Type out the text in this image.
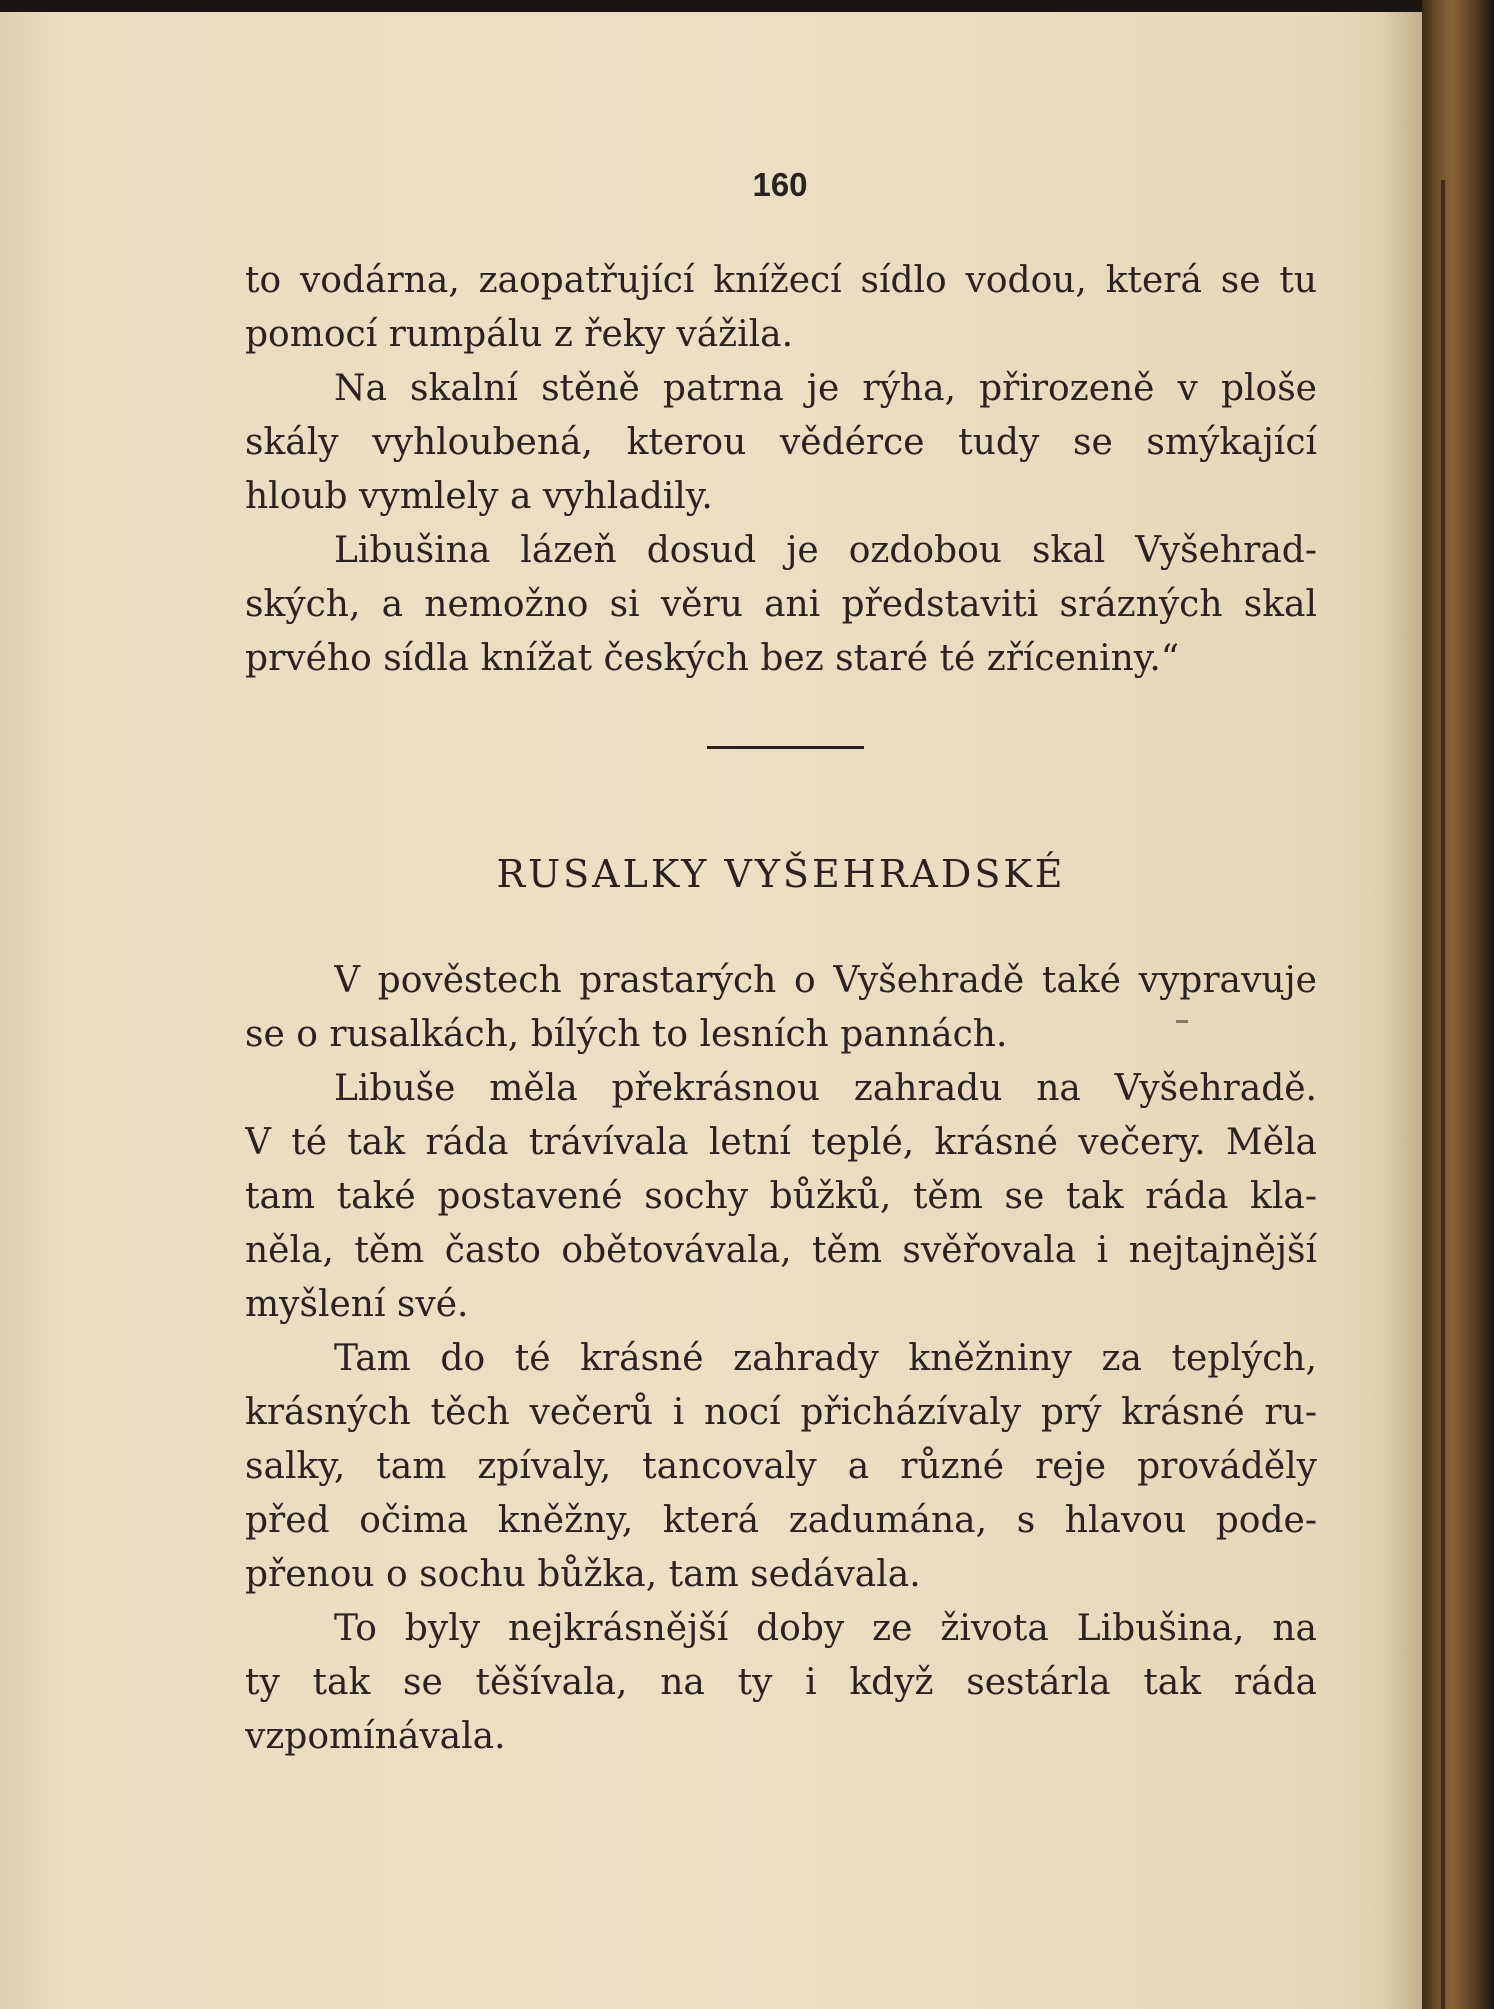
160

to vodárna, zaopatřující knížecí sídlo vodou, která se tu

pomocí rumpálu z řeky vážila.

Na skalní stěně patrna je rýha, přirozeně v ploše

skály vyhloubená, kterou vědérce tudy se smýkající

hloub vymlely a vyhladily.

Libušina lázeň dosud je ozdobou skal Vyšehrad-

ských, a nemožno si věru ani představiti srázných skal

prvého sídla knížat českých bez staré té zříceniny.“

RUSALKY VYŠEHRADSKÉ

V pověstech prastarých o Vyšehradě také vypravuje

se o rusalkách, bílých to lesních pannách.

Libuše měla překrásnou zahradu na Vyšehradě.

V té tak ráda trávívala letní teplé, krásné večery. Měla

tam také postavené sochy bůžků, těm se tak ráda kla-

něla, těm často obětovávala, těm svěřovala i nejtajnější

myšlení své.

Tam do té krásné zahrady kněžniny za teplých,

krásných těch večerů i nocí přicházívaly prý krásné ru-

salky, tam zpívaly, tancovaly a různé reje prováděly

před očima kněžny, která zadumána, s hlavou pode-

přenou o sochu bůžka, tam sedávala.

To byly nejkrásnější doby ze života Libušina, na

ty tak se těšívala, na ty i když sestárla tak ráda

vzpomínávala.
